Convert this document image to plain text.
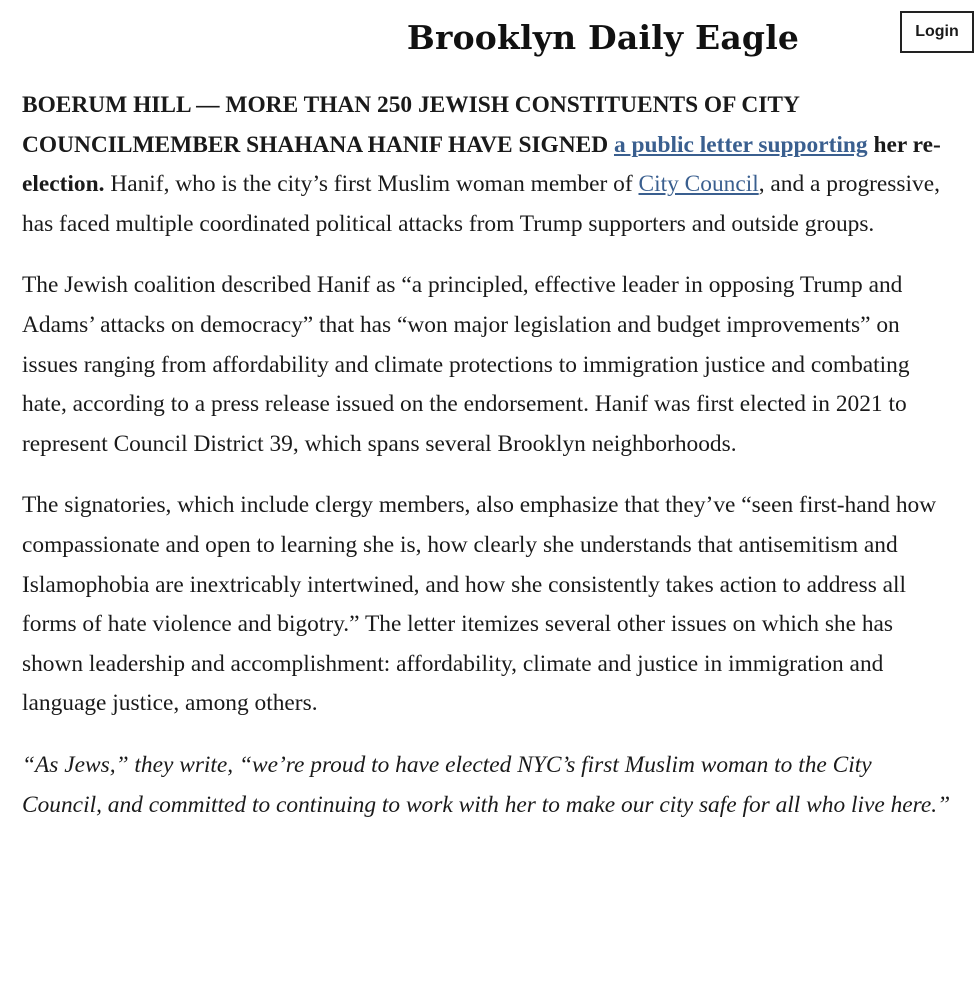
Brooklyn Daily Eagle	Login

BOERUM HILL — MORE THAN 250 JEWISH CONSTITUENTS OF CITY COUNCILMEMBER SHAHANA HANIF HAVE SIGNED a public letter supporting her re-election. Hanif, who is the city’s first Muslim woman member of City Council, and a progressive, has faced multiple coordinated political attacks from Trump supporters and outside groups.

The Jewish coalition described Hanif as “a principled, effective leader in opposing Trump and Adams’ attacks on democracy” that has “won major legislation and budget improvements” on issues ranging from affordability and climate protections to immigration justice and combating hate, according to a press release issued on the endorsement. Hanif was first elected in 2021 to represent Council District 39, which spans several Brooklyn neighborhoods.

The signatories, which include clergy members, also emphasize that they’ve “seen first-hand how compassionate and open to learning she is, how clearly she understands that antisemitism and Islamophobia are inextricably intertwined, and how she consistently takes action to address all forms of hate violence and bigotry.” The letter itemizes several other issues on which she has shown leadership and accomplishment: affordability, climate and justice in immigration and language justice, among others.

“As Jews,” they write, “we’re proud to have elected NYC’s first Muslim woman to the City Council, and committed to continuing to work with her to make our city safe for all who live here.”
